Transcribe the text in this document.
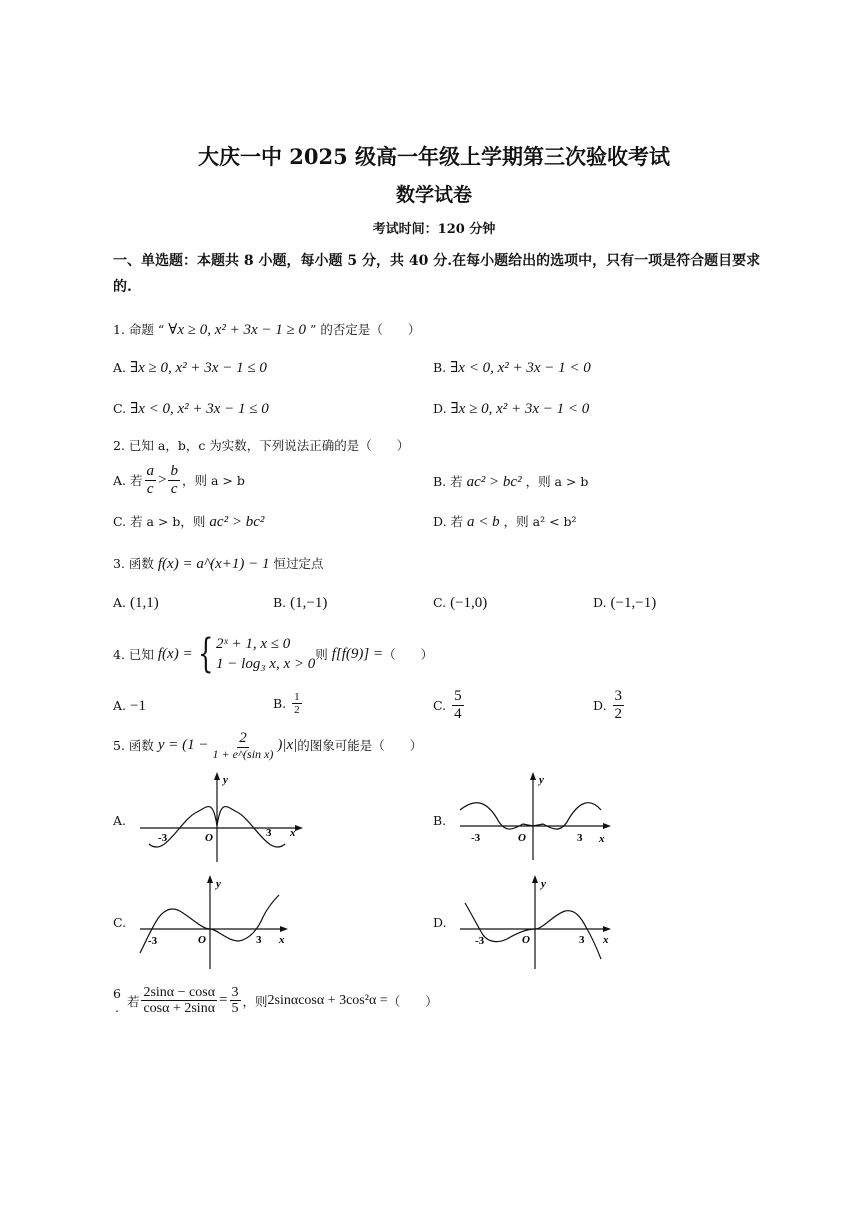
大庆一中 2025 级高一年级上学期第三次验收考试
数学试卷
考试时间：120 分钟
一、单选题：本题共 8 小题，每小题 5 分，共 40 分.在每小题给出的选项中，只有一项是符合题目要求的.
1. 命题 “ ∀x ≥ 0, x² + 3x − 1 ≥ 0 ” 的否定是（　　）
A. ∃x ≥ 0, x² + 3x − 1 ≤ 0	B. ∃x < 0, x² + 3x − 1 < 0
C. ∃x < 0, x² + 3x − 1 ≤ 0	D. ∃x ≥ 0, x² + 3x − 1 < 0
2. 已知 a，b，c 为实数，下列说法正确的是（　　）
A.
若 $\frac{a}{c} > \frac{b}{c}$ ，则 a > b	B. 若 ac² > bc² ，则 a > b
C. 若 a > b，则 ac² > bc²	D. 若 a < b ，则 a² < b²
3. 函数 f(x) = a^(x+1) − 1 恒过定点
A. (1,1)	B. (1,−1)	C. (−1,0)	D. (−1,−1)
4. 已知
f(x) = { 2ˣ + 1, x ≤ 0
1 − log₃ x, x > 0
则
f[f(9)] = （　　）
A. −1	B.
$\frac{1}{2}$	C.
$\frac{5}{4}$	D.
$\frac{3}{2}$
5. 函数
$y = (1 - \frac{2}{\text{1 + e\textasciicircum{}(sin x)}} )|x|$ 的图象可能是（　　）
A.	B.
C.	D.
y
x
O
-3	3
y
x
O
-3	3
y
x
O
-3	3
y
x
O
-3	3
6
. 若 $\frac{2\sin\alpha - \cos\alpha}{\cos\alpha + 2\sin\alpha} = \frac{3}{5}$ ，则 2sinαcosα + 3cos²α = （　　）
